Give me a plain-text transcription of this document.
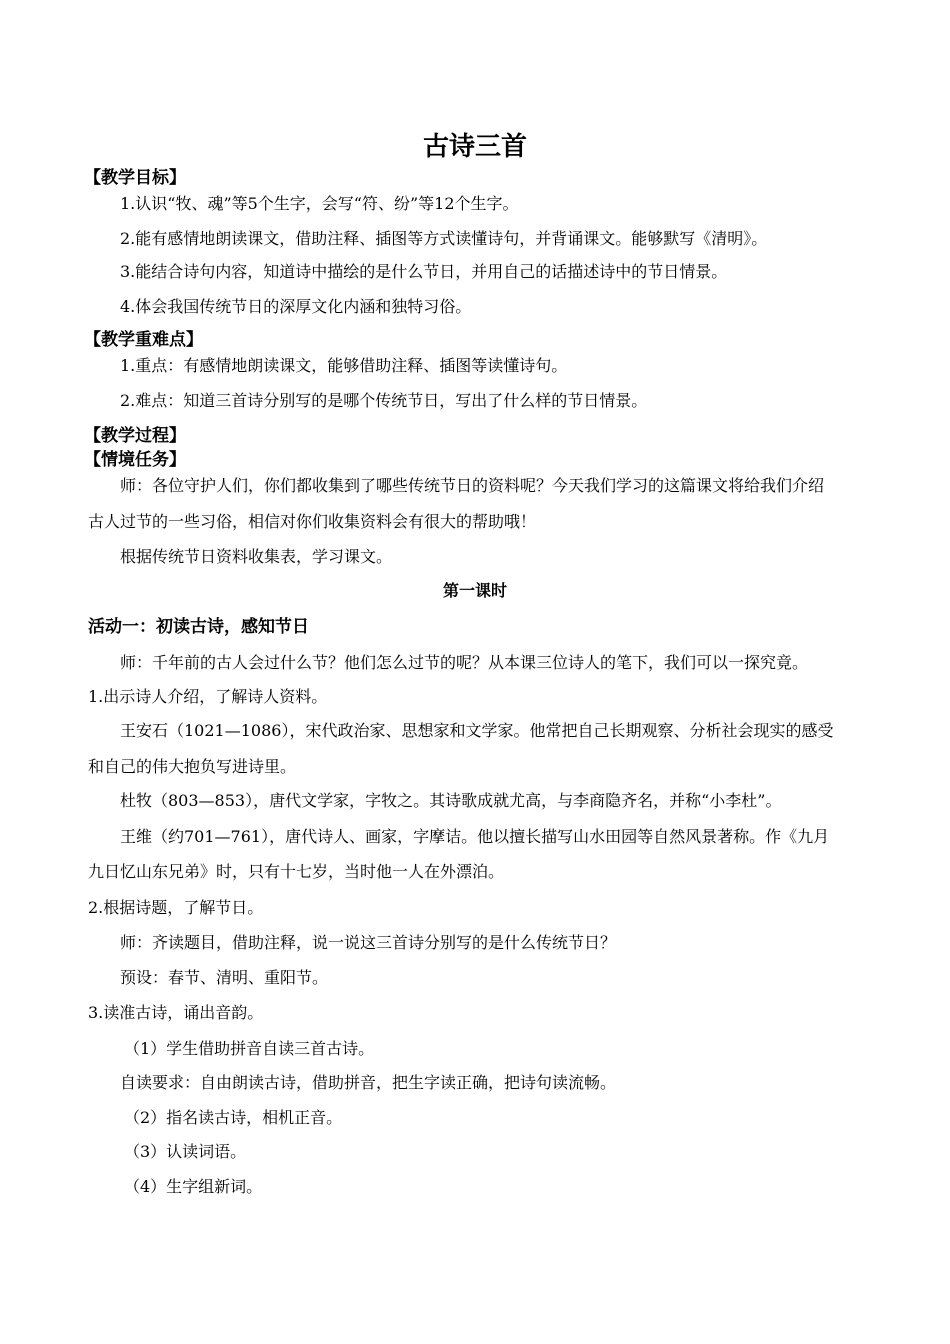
古诗三首
【教学目标】
1.认识“牧、魂”等5个生字，会写“符、纷”等12个生字。
2.能有感情地朗读课文，借助注释、插图等方式读懂诗句，并背诵课文。能够默写《清明》。
3.能结合诗句内容，知道诗中描绘的是什么节日，并用自己的话描述诗中的节日情景。
4.体会我国传统节日的深厚文化内涵和独特习俗。
【教学重难点】
1.重点：有感情地朗读课文，能够借助注释、插图等读懂诗句。
2.难点：知道三首诗分别写的是哪个传统节日，写出了什么样的节日情景。
【教学过程】
【情境任务】
师：各位守护人们，你们都收集到了哪些传统节日的资料呢？今天我们学习的这篇课文将给我们介绍
古人过节的一些习俗，相信对你们收集资料会有很大的帮助哦！
根据传统节日资料收集表，学习课文。
第一课时
活动一：初读古诗，感知节日
师：千年前的古人会过什么节？他们怎么过节的呢？从本课三位诗人的笔下，我们可以一探究竟。
1.出示诗人介绍，了解诗人资料。
王安石（1021—1086），宋代政治家、思想家和文学家。他常把自己长期观察、分析社会现实的感受
和自己的伟大抱负写进诗里。
杜牧（803—853），唐代文学家，字牧之。其诗歌成就尤高，与李商隐齐名，并称“小李杜”。
王维（约701—761），唐代诗人、画家，字摩诘。他以擅长描写山水田园等自然风景著称。作《九月
九日忆山东兄弟》时，只有十七岁，当时他一人在外漂泊。
2.根据诗题，了解节日。
师：齐读题目，借助注释，说一说这三首诗分别写的是什么传统节日？
预设：春节、清明、重阳节。
3.读准古诗，诵出音韵。
（1）学生借助拼音自读三首古诗。
自读要求：自由朗读古诗，借助拼音，把生字读正确，把诗句读流畅。
（2）指名读古诗，相机正音。
（3）认读词语。
（4）生字组新词。
